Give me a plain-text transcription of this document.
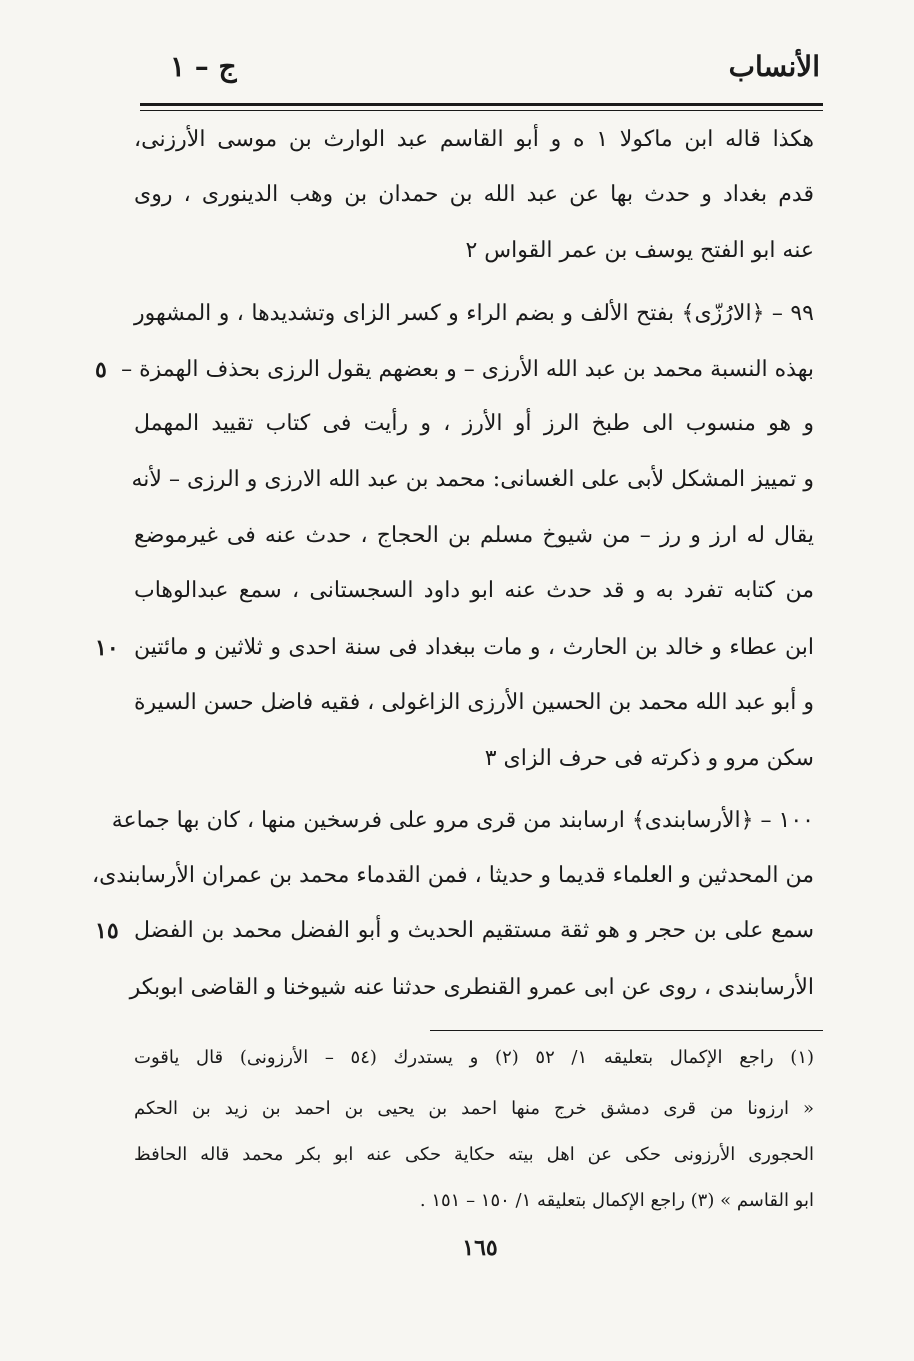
الأنساب
ج – ١
هكذا قاله ابن ماكولا ١ ه و أبو القاسم عبد الوارث بن موسى الأرزنى،
قدم بغداد و حدث بها عن عبد الله بن حمدان بن وهب الدينورى ، روى
عنه ابو الفتح يوسف بن عمر القواس ٢
٩٩ – ﴿الارُزّى﴾ بفتح الألف و بضم الراء و كسر الزاى وتشديدها ، و المشهور
بهذه النسبة محمد بن عبد الله الأرزى – و بعضهم يقول الرزى بحذف الهمزة –
و هو منسوب الى طبخ الرز أو الأرز ، و رأيت فى كتاب تقييد المهمل
و تمييز المشكل لأبى على الغسانى: محمد بن عبد الله الارزى و الرزى – لأنه
يقال له ارز و رز – من شيوخ مسلم بن الحجاج ، حدث عنه فى غيرموضع
من كتابه تفرد به و قد حدث عنه ابو داود السجستانى ، سمع عبدالوهاب
ابن عطاء و خالد بن الحارث ، و مات ببغداد فى سنة احدى و ثلاثين و مائتين
و أبو عبد الله محمد بن الحسين الأرزى الزاغولى ، فقيه فاضل حسن السيرة
سكن مرو و ذكرته فى حرف الزاى ٣
١٠٠ – ﴿الأرسابندى﴾ ارسابند من قرى مرو على فرسخين منها ، كان بها جماعة
من المحدثين و العلماء قديما و حديثا ، فمن القدماء محمد بن عمران الأرسابندى،
سمع على بن حجر و هو ثقة مستقيم الحديث و أبو الفضل محمد بن الفضل
الأرسابندى ، روى عن ابى عمرو القنطرى حدثنا عنه شيوخنا و القاضى ابوبكر
٥
١٠
١٥
(١) راجع الإكمال بتعليقه ١/ ٥٢ (٢) و يستدرك (٥٤ – الأرزونى) قال ياقوت
« ارزونا من قرى دمشق خرج منها احمد بن يحيى بن احمد بن زيد بن الحكم
الحجورى الأرزونى حكى عن اهل بيته حكاية حكى عنه ابو بكر محمد قاله الحافظ
ابو القاسم » (٣) راجع الإكمال بتعليقه ١/ ١٥٠ – ١٥١ .
١٦٥
